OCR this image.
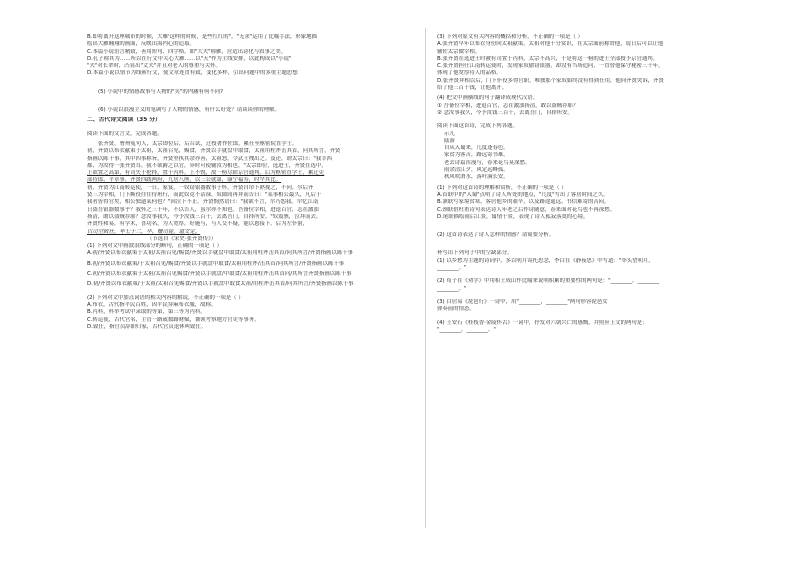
B.即将离开这座城市的时候，大雁'这样的时候，是些红红的"，"无求"运用了比喻手法，形象地描
绘出大雁翱翔的画面，反映出海内心的追慕。
C.本篇小说语言精致，善用短句、四字格，如"大夫"称雁，营造出诗化与叙事之美。
D.孔子称其为……所以在行文中关心大雁……以"天"作为主线安排，以此构成以"小说"
"夫"对长辈时，凸显出"丈夫"并且对老人的尊重与关怀。
D.本篇小说以情节为线索行文，使文章连贯有致，变化多样，引出问题中的多重主题思想
(5) 小说中的情感故事与人物的"笑"的内涵有何不同?
(6) 小说以浪漫主义的笔调写了人物的情感，有什么好处？请谈谈你的理解。
二、古代诗文阅读（35 分）
阅读下面的文言文，完成各题。
张齐贤，曹州冤句人，太宗即位后，后召试，迁授著作佐郎，累任至枢密院直学士。
初，齐贤以布衣献策于太祖，太祖召见，赐食，齐贤以手就盘中取食，太祖用柱斧击其首，问其所言，齐贤
指画以陈十事，其中四事称旨，齐贤坚执其余亦善，太祖怒，令武士拽出之。及还，谓太宗曰："我幸西
都，为汝得一张齐贤耳。我不欲爵之以官，异时可使辅汝为相也。"太宗即位，选进士，齐贤在选中，
上欲置之高第，有司失于抡择，置于丙科。上不悦，故一榜尽除京官通判。后为枢密直学士，累迁吏
部侍郎、平章事。齐贤四践两府，九居八座，以三公就第，康宁福寿，时罕其比。
初，齐贤为江南转运使，一日，家宴，一奴窃银器数事于怀，齐贤自帘下熟视之，不问。尔后齐
贤三为宰相，门下厮役往往侍班行，而此奴竟不沾禄。奴隙间再拜而告曰："某事相公最久，凡后于
我者皆得官矣，相公独遗某何也？"因泣下不止。齐贤悯然语曰："我欲不言，尔乃怨我。尔忆江南
日盗吾银器数事乎？我怀之三十年，不以告人，虽尔亦不知也。吾备位宰相，进退百官，志在激浊
扬清，敢以盗贼荐耶？念汝事我久，今予汝钱三百千，去离吾门，自择所安。"奴震骇，泣拜而去。
齐贤性和易，有学术，喜功名，为人宽厚，好施与，与人交不疑，能以恩接下。后为左仆射，
以司空致仕，年七十二，卒。赠司徒，谥文定。
（节选自《宋史·张齐贤传》）
(1) 下列对文中画波浪线部分的断句，正确的一项是（ ）
A.初/齐贤以布衣献策于太祖/太祖召见/赐食/齐贤以手就盘中取食/太祖用柱斧击其首/问其所言/齐贤指画以陈十事
B.初/齐贤以布衣献策/于太祖召见/赐食/齐贤以手就盘中取食/太祖用柱斧/击其首/问其所言/齐贤指画以陈十事
C.初/齐贤以布衣献策于太祖/太祖召见赐食/齐贤以手就盘/中取食/太祖用柱斧击其首问/其所言齐贤指画以陈十事
D.初/齐贤以布衣献策/于太祖/太祖召见赐食/齐贤以手就盘中取食太祖/用柱斧击其首/问其所言/齐贤指画以陈十事
(2) 下列对文中加点词语的相关内容的解说，不正确的一项是（ ）
A.布衣，古代指平民百姓，因平民穿麻布衣服，故称。
B.丙科，科举考试中录取的等第，第三等为丙科。
C.转运使，古代官名，主管一路或数路财赋，兼领考察地方官吏等事务。
D.致仕，指官员辞职归家，古代官员退休叫致仕。
(3) 下列对原文有关内容的概括和分析，不正确的一项是（ ）
A.张齐贤早年以布衣身份向太祖献策，太祖对他十分赏识，在太宗面前称赞他，说日后可以让他
辅佐太宗做宰相。
B.张齐贤在选进士时被有司置于丙科，太宗不高兴，于是将这一榜的进士全部授予京官通判。
C.张齐贤担任江南转运使时，发现家奴偷窃银器，却没有当场追问，一直替他保守秘密三十年，
体现了他宽厚待人的品格。
D.张齐贤拜相以后，门下仆役多得官职，唯独那个家奴始终没有得到任用，他向齐贤哭诉，齐贤
给了他三百千钱，让他离开。
(4) 把文中画横线的句子翻译成现代汉语。
① 吾备位宰相，进退百官，志在激浊扬清，敢以盗贼荐耶？
② 念汝事我久，今予汝钱三百千，去离吾门，自择所安。
阅读下面这首诗，完成下列各题。
示儿
陆游
自从入蜀来，几度逢春色。
家贫为客苦，路远寄书难。
老去诗篇浑漫与，春来花鸟莫深愁。
雨余清江夕，风定远峰孤。
秋风吹渭水，落叶满长安。
(1) 下列对这首诗的理解和赏析，不正确的一项是（ ）
A.首联中的"入蜀"点明了诗人所处的地点，"几度"写出了客居时间之久。
B.颔联写家境贫寒、客居他乡的艰辛，以及路途遥远、书信难寄的苦闷。
C.颈联借杜甫诗句表达诗人年老之后作诗随意，春来面对花鸟也不再深愁。
D.尾联描绘雨后江景，寓情于景，表现了诗人孤寂落寞的心境。
(2) 这首诗表达了诗人怎样的情感？请简要分析。
补写出下列句子中的空缺部分。
(1) 以乡愁为主题的诗词中，多以明月寄托思念，李白在《静夜思》中写道："举头望明月，
________。"
(2) 荀子在《劝学》中用积土成山作比喻来说明积累的重要性的两句是："________，________
________。"
(3) 白居易《琵琶行》一诗中，用"________，________"两句形容琵琶女
弹奏前的情态。
(4) 王安石《桂枝香·金陵怀古》一词中，抒发对六朝兴亡的感慨，并照应上文的两句是：
"________，________。"
